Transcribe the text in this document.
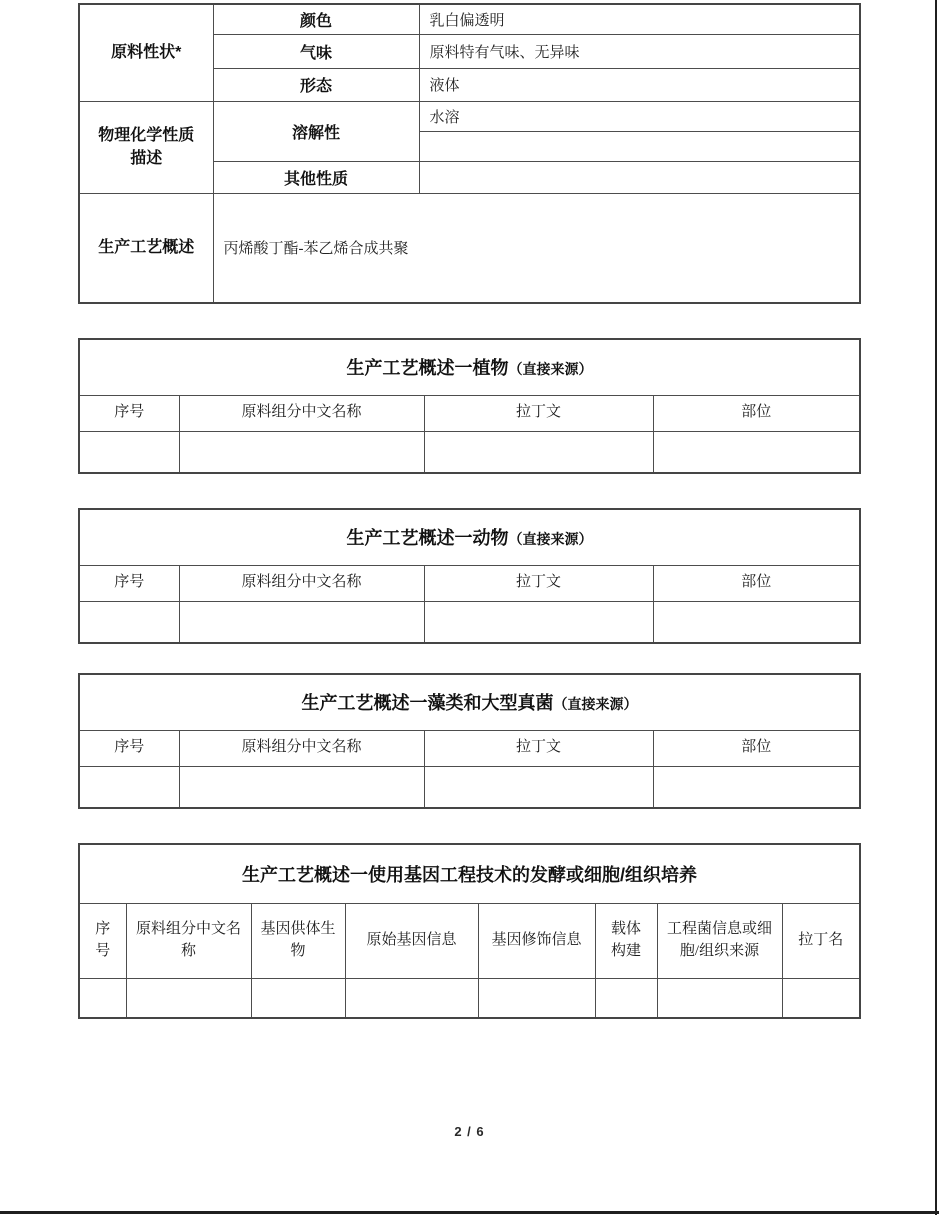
原料性状*	颜色	乳白偏透明
	气味	原料特有气味、无异味
	形态	液体
物理化学性质描述	溶解性	水溶

	其他性质	
生产工艺概述	丙烯酸丁酯-苯乙烯合成共聚	
生产工艺概述一植物（直接来源）			
序号	原料组分中文名称	拉丁文	部位

生产工艺概述一动物（直接来源）			
序号	原料组分中文名称	拉丁文	部位

生产工艺概述一藻类和大型真菌（直接来源）			
序号	原料组分中文名称	拉丁文	部位

生产工艺概述一使用基因工程技术的发酵或细胞/组织培养							
序号	原料组分中文名称	基因供体生物	原始基因信息	基因修饰信息	载体构建	工程菌信息或细胞/组织来源	拉丁名

2 / 6
